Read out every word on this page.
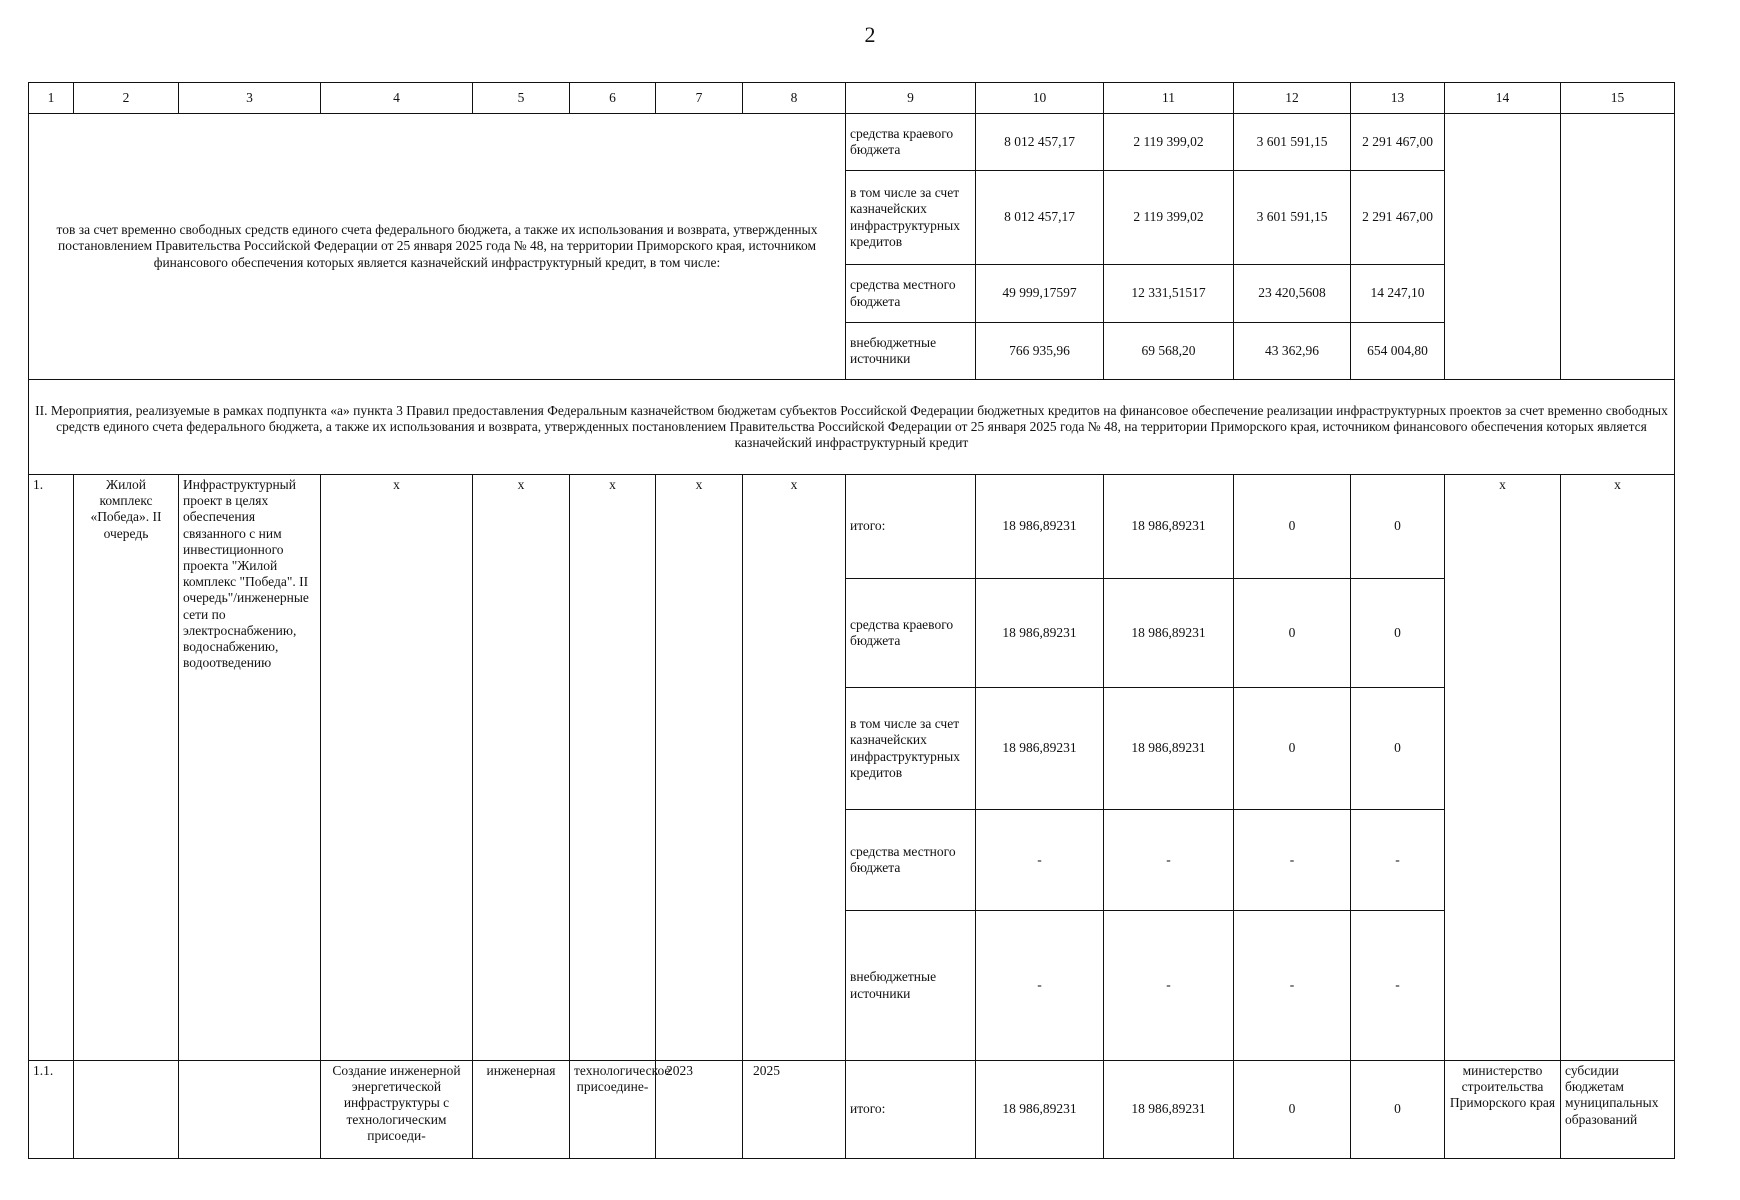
2
1	2	3	4	5	6	7	8	9	10	11	12	13	14	15
тов за счет временно свободных средств единого счета федерального бюджета, а также их использования и возврата, утвержденных постановлением Правительства Российской Федерации от 25 января 2025 года № 48, на территории Приморского края, источником финансового обеспечения которых является казначейский инфраструктурный кредит, в том числе:								средства краевого бюджета	8 012 457,17	2 119 399,02	3 601 591,15	2 291 467,00		
								в том числе за счет казначейских инфраструктурных кредитов	8 012 457,17	2 119 399,02	3 601 591,15	2 291 467,00		
								средства местного бюджета	49 999,17597	12 331,51517	23 420,5608	14 247,10		
								внебюджетные источники	766 935,96	69 568,20	43 362,96	654 004,80		
II. Мероприятия, реализуемые в рамках подпункта «а» пункта 3 Правил предоставления Федеральным казначейством бюджетам субъектов Российской Федерации бюджетных кредитов на финансовое обеспечение реализации инфраструктурных проектов за счет временно свободных средств единого счета федерального бюджета, а также их использования и возврата, утвержденных постановлением Правительства Российской Федерации от 25 января 2025 года № 48, на территории Приморского края, источником финансового обеспечения которых является казначейский инфраструктурный кредит														
1.	Жилой комплекс «Победа». II очередь	Инфраструктурный проект в целях обеспечения связанного с ним инвестиционного проекта "Жилой комплекс "Победа". II очередь"/инженерные сети по электроснабжению, водоснабжению, водоотведению	х	х	х	х	х	итого:	18 986,89231	18 986,89231	0	0	х	х
								средства краевого бюджета	18 986,89231	18 986,89231	0	0		
								в том числе за счет казначейских инфраструктурных кредитов	18 986,89231	18 986,89231	0	0		
								средства местного бюджета	-	-	-	-		
								внебюджетные источники	-	-	-	-		
1.1.			Создание инженерной энергетической инфраструктуры с технологическим присоеди-	инженерная	технологическое присоедине-	2023	2025	итого:	18 986,89231	18 986,89231	0	0	министерство строительства Приморского края	субсидии бюджетам муниципальных образований
